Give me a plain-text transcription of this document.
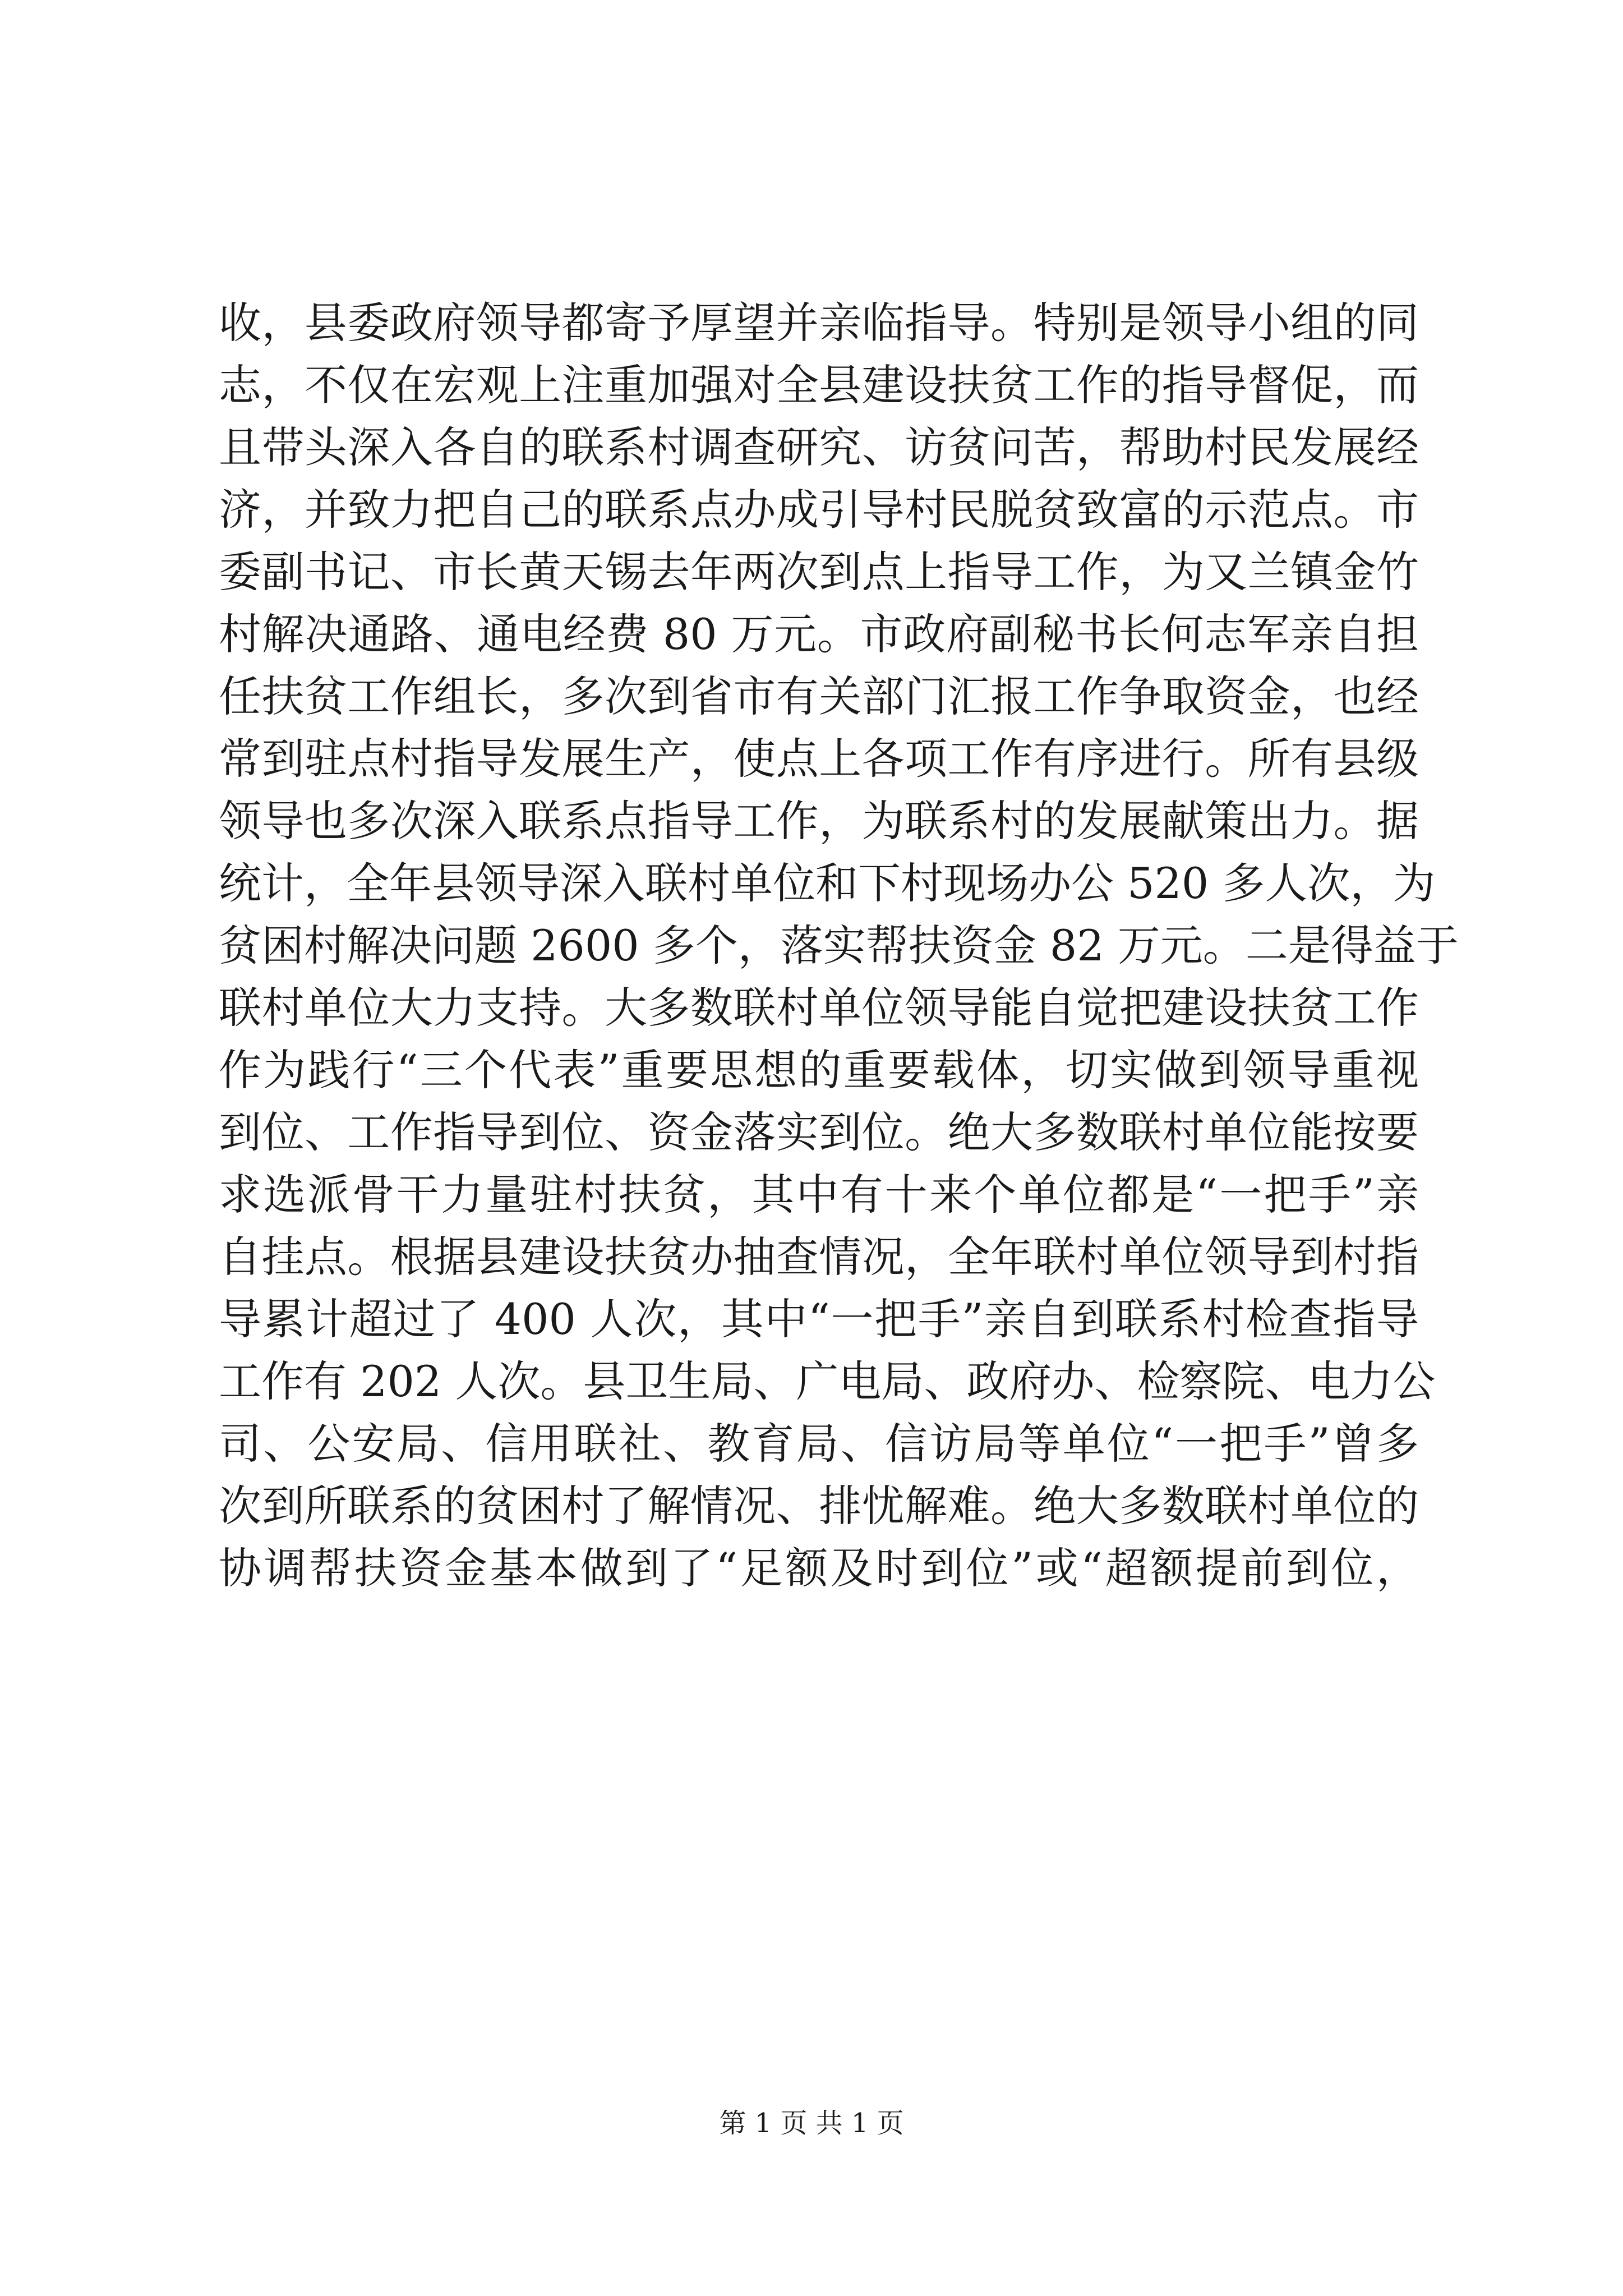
收，县委政府领导都寄予厚望并亲临指导。特别是领导小组的同
志，不仅在宏观上注重加强对全县建设扶贫工作的指导督促，而
且带头深入各自的联系村调查研究、访贫问苦，帮助村民发展经
济，并致力把自己的联系点办成引导村民脱贫致富的示范点。市
委副书记、市长黄天锡去年两次到点上指导工作，为又兰镇金竹
村解决通路、通电经费 80 万元。市政府副秘书长何志军亲自担
任扶贫工作组长，多次到省市有关部门汇报工作争取资金，也经
常到驻点村指导发展生产，使点上各项工作有序进行。所有县级
领导也多次深入联系点指导工作，为联系村的发展献策出力。据
统计，全年县领导深入联村单位和下村现场办公 520 多人次，为
贫困村解决问题 2600 多个，落实帮扶资金 82 万元。二是得益于
联村单位大力支持。大多数联村单位领导能自觉把建设扶贫工作
作为践行“三个代表”重要思想的重要载体，切实做到领导重视
到位、工作指导到位、资金落实到位。绝大多数联村单位能按要
求选派骨干力量驻村扶贫，其中有十来个单位都是“一把手”亲
自挂点。根据县建设扶贫办抽查情况，全年联村单位领导到村指
导累计超过了 400 人次，其中“一把手”亲自到联系村检查指导
工作有 202 人次。县卫生局、广电局、政府办、检察院、电力公
司、公安局、信用联社、教育局、信访局等单位“一把手”曾多
次到所联系的贫困村了解情况、排忧解难。绝大多数联村单位的
协调帮扶资金基本做到了“足额及时到位”或“超额提前到位，
第 1 页 共 1 页
